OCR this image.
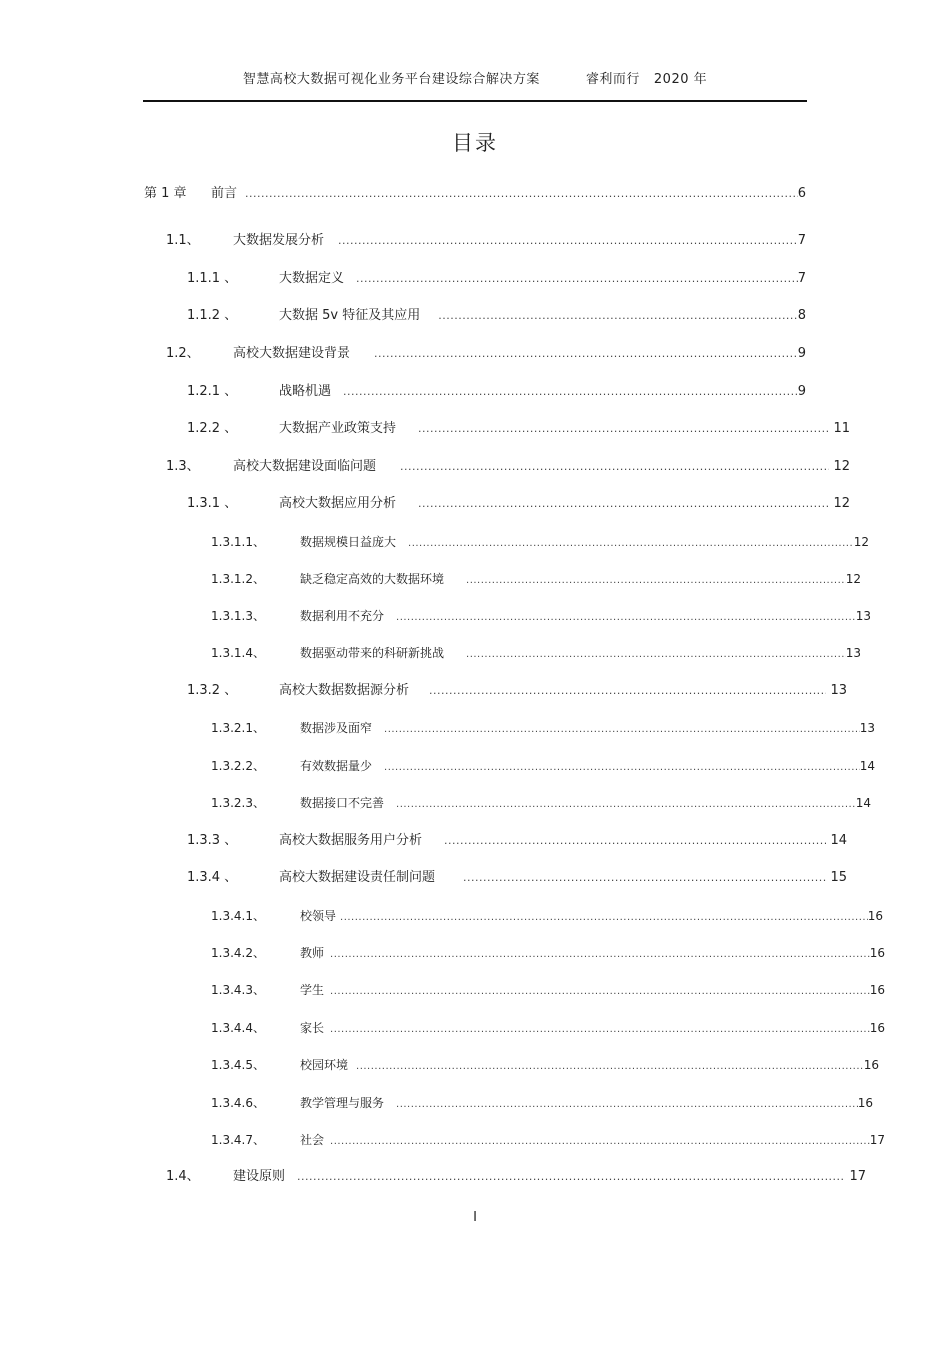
智慧高校大数据可视化业务平台建设综合解决方案	睿利而行 2020 年
目录
第 1 章	前言 .....	6
1.1、	大数据发展分析 .....	7
1.1.1 、	大数据定义 .....	7
1.1.2 、	大数据 5v 特征及其应用 .....	8
1.2、	高校大数据建设背景 .....	9
1.2.1 、	战略机遇 .....	9
1.2.2 、	大数据产业政策支持 .....	11
1.3、	高校大数据建设面临问题 .....	12
1.3.1 、	高校大数据应用分析 .....	12
1.3.1.1、	数据规模日益庞大 .....	12
1.3.1.2、	缺乏稳定高效的大数据环境 .....	12
1.3.1.3、	数据利用不充分 .....	13
1.3.1.4、	数据驱动带来的科研新挑战 .....	13
1.3.2 、	高校大数据数据源分析 .....	13
1.3.2.1、	数据涉及面窄 .....	13
1.3.2.2、	有效数据量少 .....	14
1.3.2.3、	数据接口不完善 .....	14
1.3.3 、	高校大数据服务用户分析 .....	14
1.3.4 、	高校大数据建设责任制问题 .....	15
1.3.4.1、	校领导 .....	16
1.3.4.2、	教师 .....	16
1.3.4.3、	学生 .....	16
1.3.4.4、	家长 .....	16
1.3.4.5、	校园环境 .....	16
1.3.4.6、	教学管理与服务 .....	16
1.3.4.7、	社会 .....	17
1.4、	建设原则 .....	17
I
